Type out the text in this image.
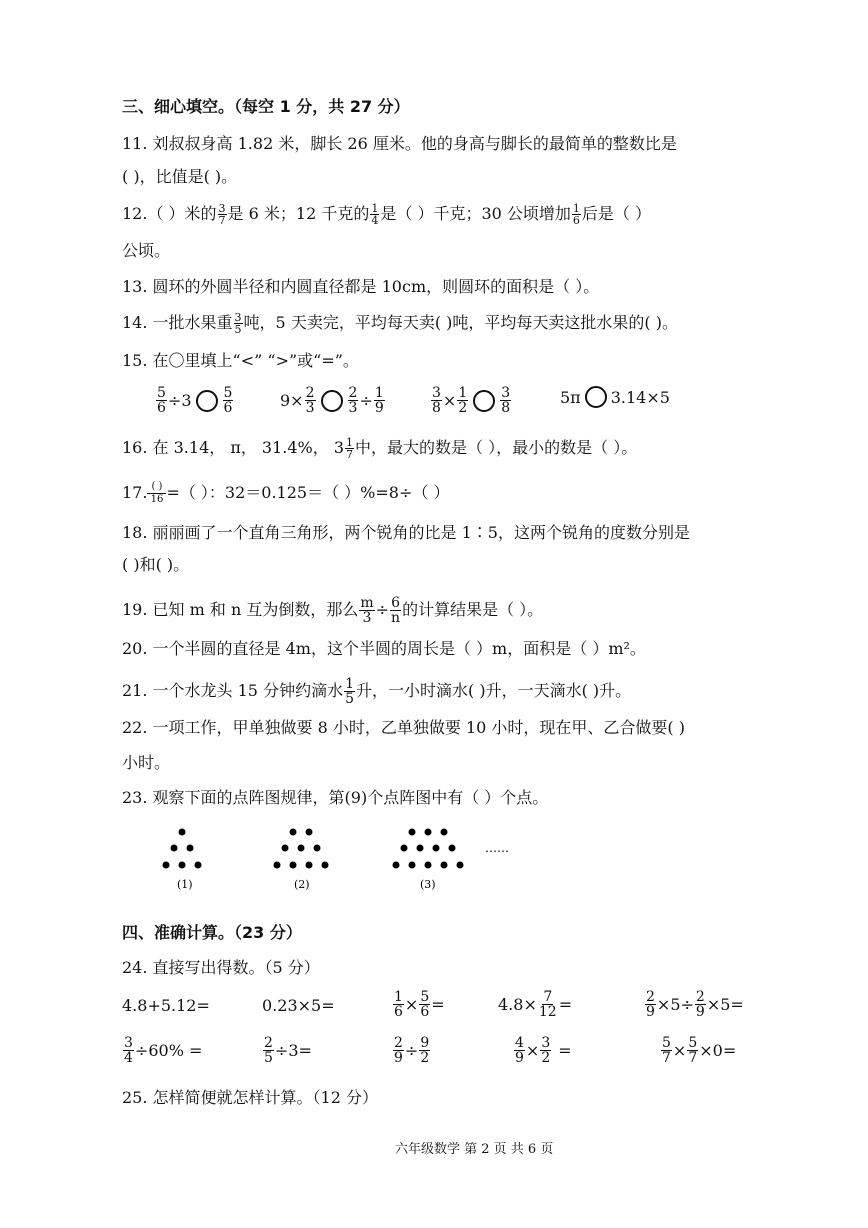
三、细心填空。（每空 1 分，共 27 分）
11. 刘叔叔身高 1.82 米，脚长 26 厘米。他的身高与脚长的最简单的整数比是
( )，比值是( )。
12.（ ）米的 $\frac{3}{7}$ 是 6 米；12 千克的 $\frac{1}{4}$ 是（ ）千克；30 公顷增加 $\frac{1}{6}$ 后是（ ）
公顷。
13. 圆环的外圆半径和内圆直径都是 10cm，则圆环的面积是（ ）。
14. 一批水果重 $\frac{3}{5}$ 吨，5 天卖完，平均每天卖( )吨，平均每天卖这批水果的( )。
15. 在〇里填上“<” “>”或“=”。
$\frac{5}{6} \div 3$ 5
6	$9\times \frac{2}{3} \frac{2}{3} \div \frac{1}{9}$	$\frac{3}{8} \times \frac{1}{2} 3$
8
5π 3.14×5
16. 在 3.14， π， 31.4%， $3 \frac{1}{7}$ 中，最大的数是（ ），最小的数是（ ）。
17. ( )
16 =（ ）：32＝0.125＝（ ）%=8÷（ ）
18. 丽丽画了一个直角三角形，两个锐角的比是 1∶5，这两个锐角的度数分别是
( )和( )。
19. 已知 m 和 n 互为倒数，那么 $\frac{m}{3} \div \frac{6}{n}$ 的计算结果是（ ）。
20. 一个半圆的直径是 4m，这个半圆的周长是（ ）m，面积是（ ）m²。
21. 一个水龙头 15 分钟约滴水 $\frac{1}{5}$ 升，一小时滴水( )升，一天滴水( )升。
22. 一项工作，甲单独做要 8 小时，乙单独做要 10 小时，现在甲、乙合做要( )
小时。
23. 观察下面的点阵图规律，第(9)个点阵图中有（ ）个点。
(1)	(2)	(3)
……
四、准确计算。（23 分）
24. 直接写出得数。（5 分）
4.8+5.12=	0.23×5=	$\frac{1}{6} \times \frac{5}{6}$ =	$4.8\times \frac{7}{12}$ =	$\frac{2}{9} \times 5\div \frac{2}{9} \times 5=$
$\frac{3}{4} \div 60\%$ =	$\frac{2}{5} \div 3=$	$\frac{2}{9} \div \frac{9}{2}$	$\frac{4}{9} \times \frac{3}{2}$ =	$\frac{5}{7} \times \frac{5}{7} \times 0=$
25. 怎样简便就怎样计算。（12 分）
六年级数学 第 2 页 共 6 页
